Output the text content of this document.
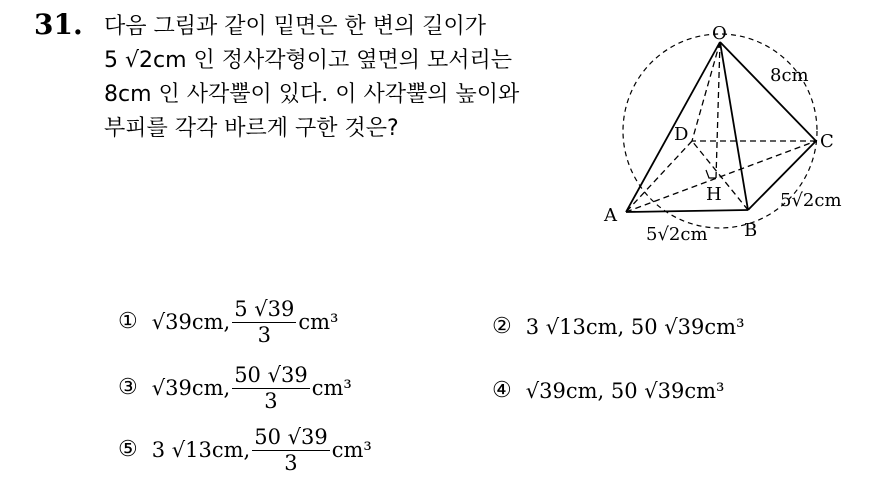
31. 다음 그림과 같이 밑면은 한 변의 길이가
5 √2cm 인 정사각형이고 옆면의 모서리는
8cm 인 사각뿔이 있다. 이 사각뿔의 높이와
부피를 각각 바르게 구한 것은?
O
A
B
C
D
H
8cm
5√2cm
5√2cm
① √39cm, $\frac{5 √39}{3} cm^3$	② 3 √13cm, 50 √39cm³
③ √39cm, $\frac{50 √39}{3} cm^3$	④ √39cm, 50 √39cm³
⑤ 3 √13cm, $\frac{50 √39}{3} cm^3$
